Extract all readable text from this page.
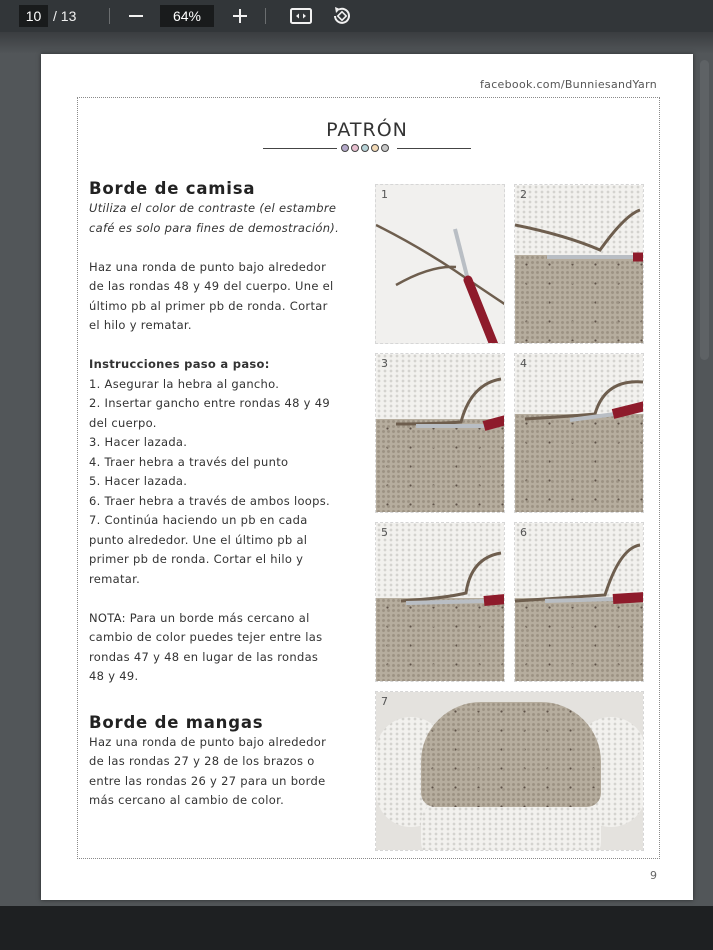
10 / 13	64%
facebook.com/BunniesandYarn
PATRÓN
Borde de camisa
Utiliza el color de contraste (el estambre
café es solo para fines de demostración).
Haz una ronda de punto bajo alrededor
de las rondas 48 y 49 del cuerpo. Une el
último pb al primer pb de ronda. Cortar
el hilo y rematar.
Instrucciones paso a paso:
1. Asegurar la hebra al gancho.
2. Insertar gancho entre rondas 48 y 49
del cuerpo.
3. Hacer lazada.
4. Traer hebra a través del punto
5. Hacer lazada.
6. Traer hebra a través de ambos loops.
7. Continúa haciendo un pb en cada
punto alrededor. Une el último pb al
primer pb de ronda. Cortar el hilo y
rematar.
NOTA: Para un borde más cercano al
cambio de color puedes tejer entre las
rondas 47 y 48 en lugar de las rondas
48 y 49.
Borde de mangas
Haz una ronda de punto bajo alrededor
de las rondas 27 y 28 de los brazos o
entre las rondas 26 y 27 para un borde
más cercano al cambio de color.
1	2
3	4
5	6
7
9
